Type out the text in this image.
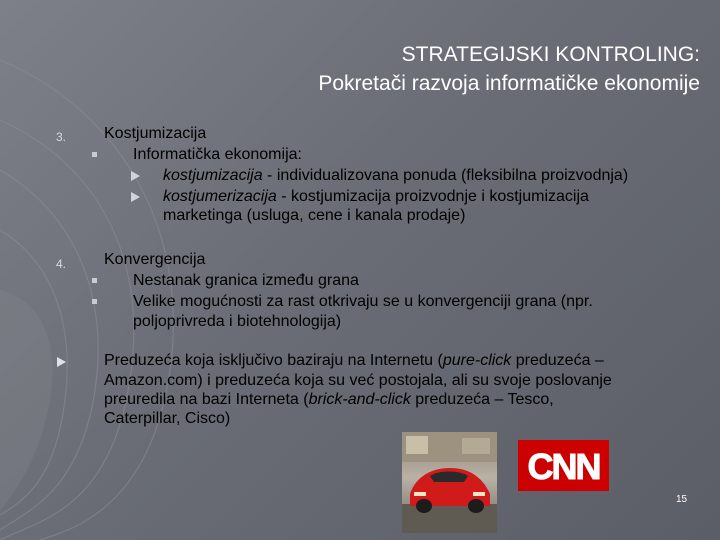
STRATEGIJSKI KONTROLING:
Pokretači razvoja informatičke ekonomije
3. Kostjumizacija
Informatička ekonomija:
kostjumizacija - individualizovana ponuda (fleksibilna proizvodnja)
kostjumerizacija - kostjumizacija proizvodnje i kostjumizacija
marketinga (usluga, cene i kanala prodaje)
4. Konvergencija
Nestanak granica između grana
Velike mogućnosti za rast otkrivaju se u konvergenciji grana (npr.
poljoprivreda i biotehnologija)
Preduzeća koja isključivo baziraju na Internetu (pure-click preduzeća –
Amazon.com) i preduzeća koja su već postojala, ali su svoje poslovanje
preuredila na bazi Interneta (brick-and-click preduzeća – Tesco,
Caterpillar, Cisco)
CNN
15
